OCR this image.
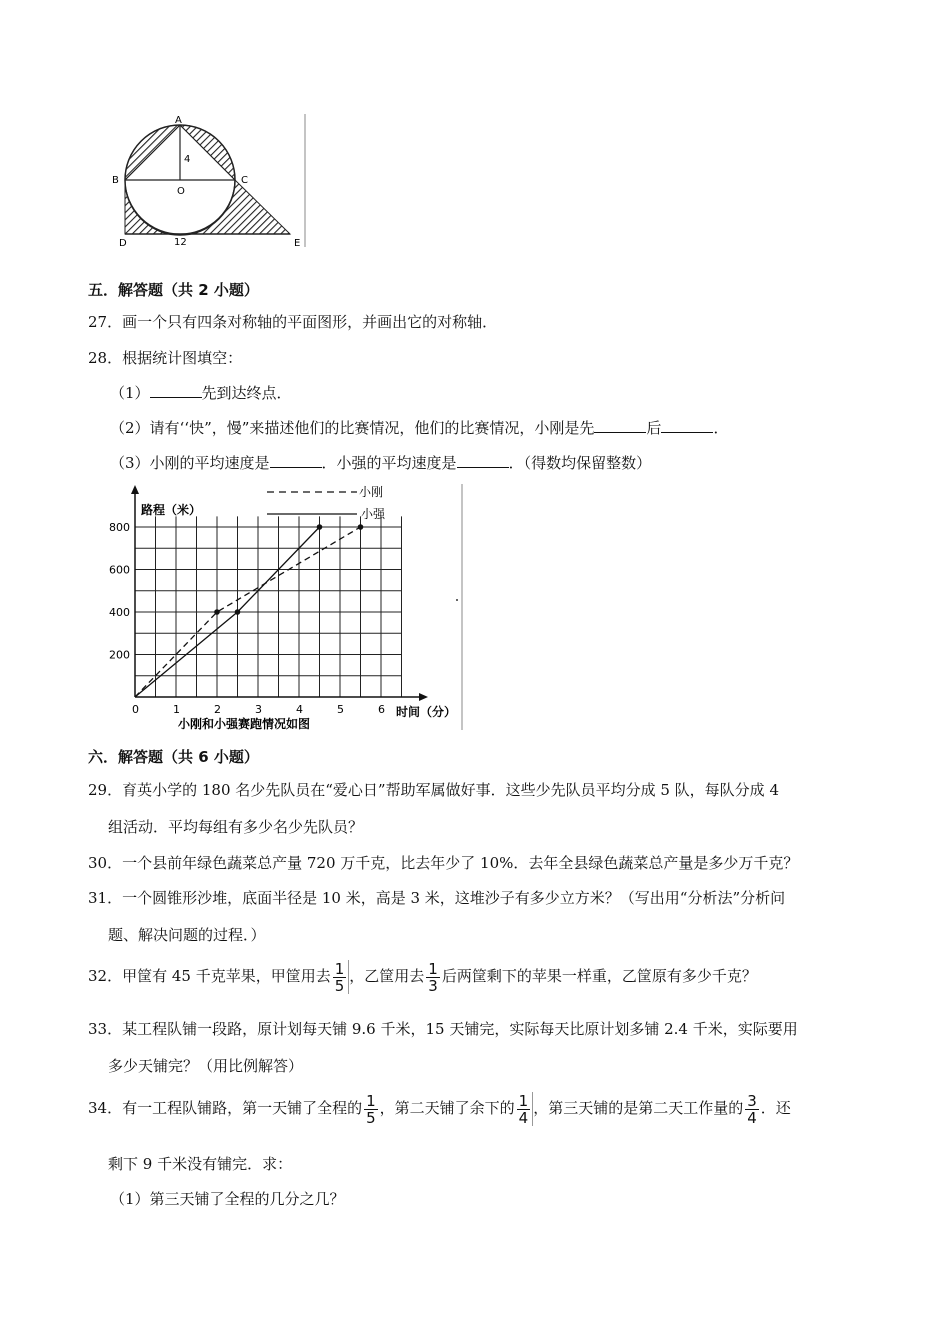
A
B	C
O
4
D	12	E
五．解答题（共 2 小题）
27．画一个只有四条对称轴的平面图形，并画出它的对称轴．
28．根据统计图填空：
（1）	先到达终点．
（2）请有‘‘快”，慢”来描述他们的比赛情况，他们的比赛情况，小刚是先	后	．
（3）小刚的平均速度是	．小强的平均速度是	．（得数均保留整数）
0	1	2	3	4	5	6
200
400
600
800
路程（米）
时间（分）
小刚和小强赛跑情况如图
小刚
小强
六．解答题（共 6 小题）
29．育英小学的 180 名少先队员在“爱心日”帮助军属做好事．这些少先队员平均分成 5 队，每队分成 4
组活动．平均每组有多少名少先队员？
30．一个县前年绿色蔬菜总产量 720 万千克，比去年少了 10%．去年全县绿色蔬菜总产量是多少万千克？
31．一个圆锥形沙堆，底面半径是 10 米，高是 3 米，这堆沙子有多少立方米？（写出用“分析法”分析问
题、解决问题的过程．）
32．甲筐有 45 千克苹果，甲筐用去 $\frac{1}{5}$ ，乙筐用去 $\frac{1}{3}$ 后两筐剩下的苹果一样重，乙筐原有多少千克？
33．某工程队铺一段路，原计划每天铺 9.6 千米，15 天铺完，实际每天比原计划多铺 2.4 千米，实际要用
多少天铺完？（用比例解答）
34．有一工程队铺路，第一天铺了全程的 $\frac{1}{5}$ ，第二天铺了余下的 $\frac{1}{4}$ ，第三天铺的是第二天工作量的 $\frac{3}{4}$ ．还
剩下 9 千米没有铺完．求：
（1）第三天铺了全程的几分之几？
